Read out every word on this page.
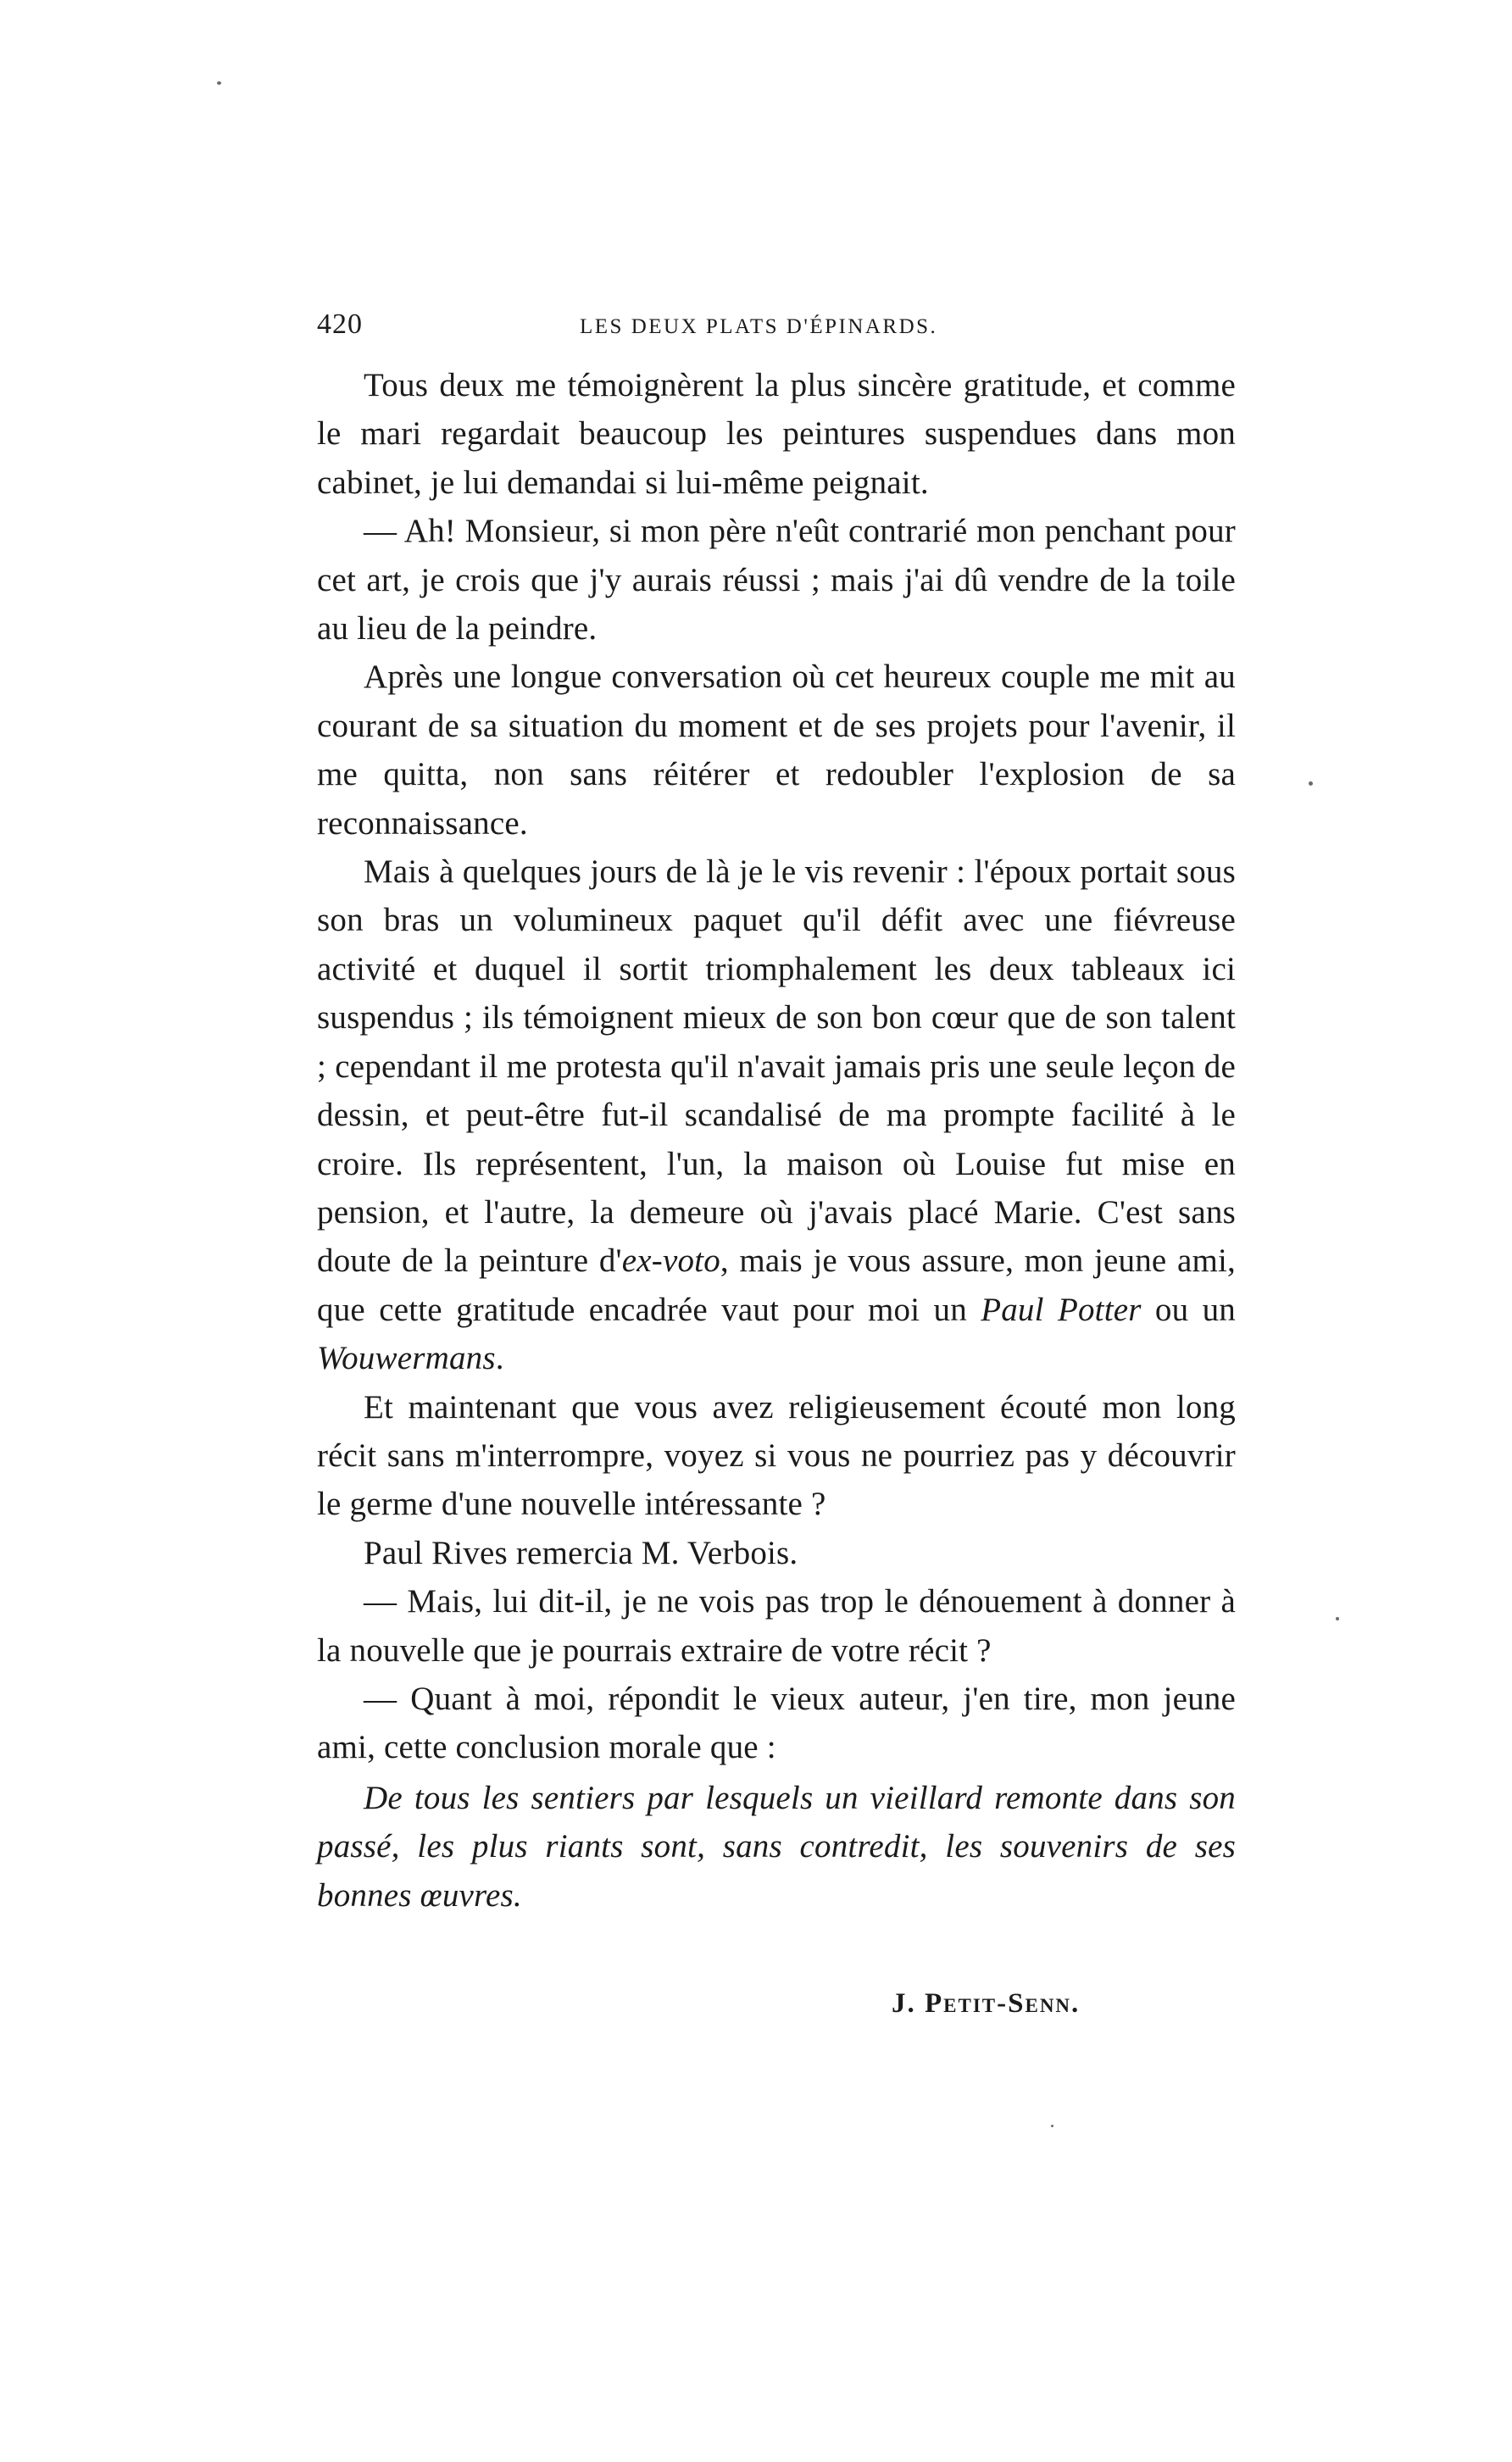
420	LES DEUX PLATS D'ÉPINARDS.

Tous deux me témoignèrent la plus sincère gratitude, et comme le mari regardait beaucoup les peintures suspendues dans mon cabinet, je lui demandai si lui-même peignait.

— Ah! Monsieur, si mon père n'eût contrarié mon penchant pour cet art, je crois que j'y aurais réussi ; mais j'ai dû vendre de la toile au lieu de la peindre.

Après une longue conversation où cet heureux couple me mit au courant de sa situation du moment et de ses projets pour l'avenir, il me quitta, non sans réitérer et redoubler l'explosion de sa reconnaissance.

Mais à quelques jours de là je le vis revenir : l'époux portait sous son bras un volumineux paquet qu'il défit avec une fiévreuse activité et duquel il sortit triomphalement les deux tableaux ici suspendus ; ils témoignent mieux de son bon cœur que de son talent ; cependant il me protesta qu'il n'avait jamais pris une seule leçon de dessin, et peut-être fut-il scandalisé de ma prompte facilité à le croire. Ils représentent, l'un, la maison où Louise fut mise en pension, et l'autre, la demeure où j'avais placé Marie. C'est sans doute de la peinture d'ex-voto, mais je vous assure, mon jeune ami, que cette gratitude encadrée vaut pour moi un Paul Potter ou un Wouwermans.

Et maintenant que vous avez religieusement écouté mon long récit sans m'interrompre, voyez si vous ne pourriez pas y découvrir le germe d'une nouvelle intéressante ?

Paul Rives remercia M. Verbois.

— Mais, lui dit-il, je ne vois pas trop le dénouement à donner à la nouvelle que je pourrais extraire de votre récit ?

— Quant à moi, répondit le vieux auteur, j'en tire, mon jeune ami, cette conclusion morale que :

De tous les sentiers par lesquels un vieillard remonte dans son passé, les plus riants sont, sans contredit, les souvenirs de ses bonnes œuvres.

J. Petit-Senn.
